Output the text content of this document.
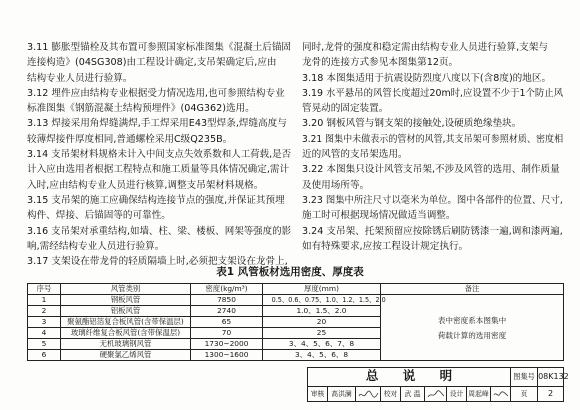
3.11 膨胀型锚栓及其布置可参照国家标准图集《混凝土后锚固
连接构造》(04SG308)由工程设计确定,支吊架确定后,应由
结构专业人员进行验算。
3.12 埋件应由结构专业根据受力情况选用,也可参照结构专业
标准图集《钢筋混凝土结构预埋件》(04G362)选用。
3.13 焊接采用角焊缝满焊,手工焊采用E43型焊条,焊缝高度与
较薄焊接件厚度相同,普通螺栓采用C级Q235B。
3.14 支吊架材料规格未计入中间支点失效系数和人工荷载,是否
计入应由选用者根据工程特点和施工质量等具体情况确定,需计
入时,应由结构专业人员进行核算,调整支吊架材料规格。
3.15 支吊架的施工应确保结构连接节点的强度,并保证其预埋
构件、焊接、后锚固等的可靠性。
3.16 支吊架对承重结构,如墙、柱、梁、楼板、网架等强度的影
响,需经结构专业人员进行验算。
3.17 支架设在带龙骨的轻质隔墙上时,必须把支架设在龙骨上,
同时,龙骨的强度和稳定需由结构专业人员进行验算,支架与
龙骨的连接方式参见本图集第12页。
3.18 本图集适用于抗震设防烈度八度以下(含8度)的地区。
3.19 水平悬吊的风管长度超过20m时,应设置不少于1个防止风
管晃动的固定装置。
3.20 钢板风管与钢支架的接触处,设硬质绝缘垫块。
3.21 图集中未做表示的管材的风管,其支吊架可参照材质、密度相
近的风管的支吊架选用。
3.22 本图集只设计风管支吊架,不涉及风管的选用、制作质量
及使用场所等。
3.23 图集中所注尺寸以毫米为单位。图中各部件的位置、尺寸,
施工时可根据现场情况做适当调整。
3.24 支吊架、托架预留应按除锈后刷防锈漆一遍,调和漆两遍,
如有特殊要求,应按工程设计规定执行。
表1 风管板材选用密度、厚度表
序号	风管类别	密度(kg/m³)	厚度(mm)	备注
1	钢板风管	7850	0.5、0.6、0.75、1.0、1.2、1.5、2.0	表中密度系本图集中
荷载计算的选用密度

2	铝板风管	2740	1.0、1.5、2.0	
3	聚氨酯铝箔复合板风管(含带保温层)	65	20	
4	玻璃纤维复合板风管(含带保温层)	70	25	
5	无机玻璃钢风管	1730~2000	3、4、5、6、7、8	
6	硬聚氯乙烯风管	1300~1600	3、4、5、6、8	
总 说 明									图集号	08K132
审核	高洪澜		校对	武 温		设计	周起峰		页	2
